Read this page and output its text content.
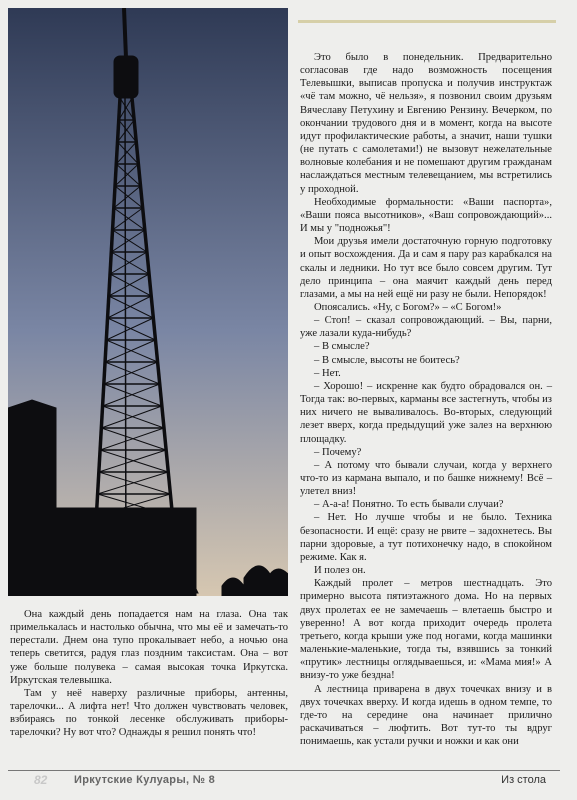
Это было в понедельник. Предварительно согласовав где надо возможность посещения Телевышки, выписав пропуска и получив инструктаж «чё там можно, чё нельзя», я позвонил своим друзьям Вячеславу Петухину и Евгению Рензину. Вечерком, по окончании трудового дня и в момент, когда на высоте идут профилактические работы, а значит, наши тушки (не путать с самолетами!) не вызовут нежелательные волновые колебания и не помешают другим гражданам наслаждаться местным телевещанием, мы встретились у проходной.

Необходимые формальности: «Ваши паспорта», «Ваши пояса высотников», «Ваш сопровождающий»... И мы у "подножья"!

Мои друзья имели достаточную горную подготовку и опыт восхождения. Да и сам я пару раз карабкался на скалы и ледники. Но тут все было совсем другим. Тут дело принципа – она маячит каждый день перед глазами, а мы на ней ещё ни разу не были. Непорядок!

Опоясались. «Ну, с Богом?» – «С Богом!»

– Стоп! – сказал сопровождающий. – Вы, парни, уже лазали куда-нибудь?

– В смысле?

– В смысле, высоты не боитесь?

– Нет.

– Хорошо! – искренне как будто обрадовался он. – Тогда так: во-первых, карманы все застегнуть, чтобы из них ничего не вываливалось. Во-вторых, следующий лезет вверх, когда предыдущий уже залез на верхнюю площадку.

– Почему?

– А потому что бывали случаи, когда у верхнего что-то из кармана выпало, и по башке нижнему! Всё – улетел вниз!

– А-а-а! Понятно. То есть бывали случаи?

– Нет. Но лучше чтобы и не было. Техника безопасности. И ещё: сразу не рвите – задохнетесь. Вы парни здоровые, а тут потихонечку надо, в спокойном режиме. Как я.

И полез он.

Каждый пролет – метров шестнадцать. Это примерно высота пятиэтажного дома. Но на первых двух пролетах ее не замечаешь – влетаешь быстро и уверенно! А вот когда приходит очередь пролета третьего, когда крыши уже под ногами, когда машинки маленькие-маленькие, тогда ты, взявшись за тонкий «прутик» лестницы оглядываешься, и: «Мама мия!» А внизу-то уже бездна!

А лестница приварена в двух точечках внизу и в двух точечках вверху. И когда идешь в одном темпе, то где-то на середине она начинает прилично раскачиваться – люфтить. Вот тут-то ты вдруг понимаешь, как устали ручки и ножки и как они

Она каждый день попадается нам на глаза. Она так примелькалась и настолько обычна, что мы её и замечать-то перестали. Днем она тупо прокалывает небо, а ночью она теперь светится, радуя глаз поздним таксистам. Она – вот уже больше полувека – самая высокая точка Иркутска. Иркутская телевышка.

Там у неё наверху различные приборы, антенны, тарелочки... А лифта нет! Что должен чувствовать человек, взбираясь по тонкой лесенке обслуживать приборы-тарелочки? Ну вот что? Однажды я решил понять что!

82 Иркутские Кулуары, № 8	Из стола
